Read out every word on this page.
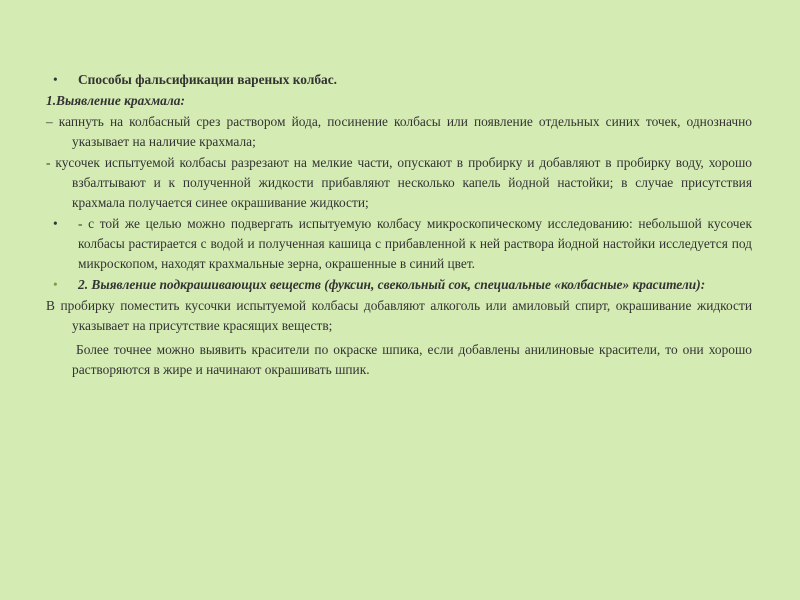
• Способы фальсификации вареных колбас.

1.Выявление крахмала:

– капнуть на колбасный срез раствором йода, посинение колбасы или появление отдельных синих точек, однозначно указывает на наличие крахмала;

- кусочек испытуемой колбасы разрезают на мелкие части, опускают в пробирку и добавляют в пробирку воду, хорошо взбалтывают и к полученной жидкости прибавляют несколько капель йодной настойки; в случае присутствия крахмала получается синее окрашивание жидкости;

• - с той же целью можно подвергать испытуемую колбасу микроскопическому исследованию: небольшой кусочек колбасы растирается с водой и полученная кашица с прибавленной к ней раствора йодной настойки исследуется под микроскопом, находят крахмальные зерна, окрашенные в синий цвет.

• 2. Выявление подкрашивающих веществ (фуксин, свекольный сок, специальные «колбасные» красители):

В пробирку поместить кусочки испытуемой колбасы добавляют алкоголь или амиловый спирт, окрашивание жидкости указывает на присутствие красящих веществ;

Более точнее можно выявить красители по окраске шпика, если добавлены анилиновые красители, то они хорошо растворяются в жире и начинают окрашивать шпик.
